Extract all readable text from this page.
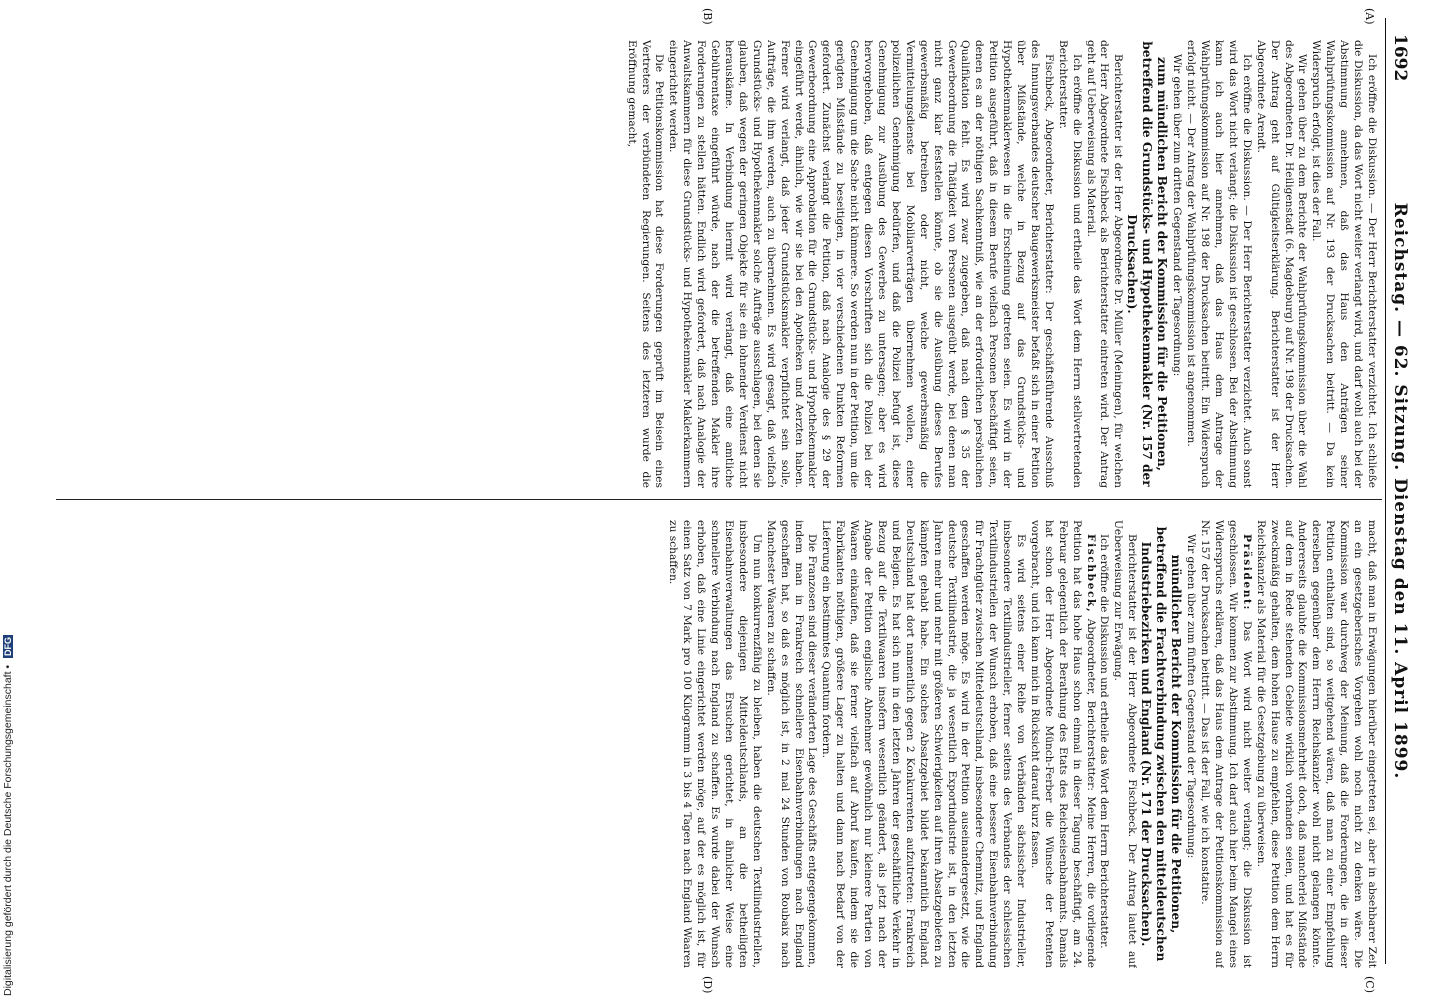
1692
Reichstag. — 62. Sitzung. Dienstag den 11. April 1899.
(A)
(B)
(C)
(D)

Ich eröffne die Diskussion. — Der Herr Berichterstatter verzichtet. Ich schließe die Diskussion, da das Wort nicht weiter verlangt wird, und darf wohl auch bei der Abstimmung annehmen, daß das Haus den Anträgen seiner Wahlprüfungskommission auf Nr. 193 der Drucksachen beitritt. — Da kein Widerspruch erfolgt, ist dies der Fall.

Wir gehen über zu dem Berichte der Wahlprüfungskommission über die Wahl des Abgeordneten Dr. Heiligenstadt (6. Magdeburg) auf Nr. 198 der Drucksachen. Der Antrag geht auf Gültigkeitserklärung. Berichterstatter ist der Herr Abgeordnete Arendt.

Ich eröffne die Diskussion. — Der Herr Berichterstatter verzichtet. Auch sonst wird das Wort nicht verlangt; die Diskussion ist geschlossen. Bei der Abstimmung kann ich auch hier annehmen, daß das Haus dem Antrage der Wahlprüfungskommission auf Nr. 198 der Drucksachen beitritt. Ein Widerspruch erfolgt nicht. — Der Antrag der Wahlprüfungskommission ist angenommen.

Wir gehen über zum dritten Gegenstand der Tagesordnung:

zum mündlichen Bericht der Kommission für die Petitionen, betreffend die Grundstücks- und Hypothekenmakler (Nr. 157 der Drucksachen).

Berichterstatter ist der Herr Abgeordnete Dr. Müller (Meiningen), für welchen der Herr Abgeordnete Fischbeck als Berichterstatter eintreten wird. Der Antrag geht auf Ueberweisung als Material.

Ich eröffne die Diskussion und ertheile das Wort dem Herrn stellvertretenden Berichterstatter.

Fischbeck, Abgeordneter, Berichterstatter: Der geschäftsführende Ausschuß des Innungsverbandes deutscher Baugewerksmeister befaßt sich in einer Petition über Mißstände, welche in Bezug auf das Grundstücks- und Hypothekenmaklerwesen in die Erscheinung getreten seien. Es wird in der Petition ausgeführt, daß in diesem Berufe vielfach Personen beschäftigt seien, denen es an der nöthigen Sachkenntniß, wie an der erforderlichen persönlichen Qualifikation fehlt. Es wird zwar zugegeben, daß nach dem § 35 der Gewerbeordnung die Thätigkeit von Personen ausgeübt werde, bei denen man nicht ganz klar feststellen könnte, ob sie die Ausübung dieses Berufes gewerbsmäßig betreiben oder nicht, welche gewerbsmäßig die Vermittelungsdienste bei Mobiliarverträgen übernehmen wollen, einer polizeilichen Genehmigung bedürfen, und daß die Polizei befugt ist, diese Genehmigung zur Ausübung des Gewerbes zu untersagen; aber es wird hervorgehoben, daß entgegen diesen Vorschriften sich die Polizei bei der Genehmigung um die Sache nicht kümmere. So werden nun in der Petition, um die gerügten Mißstände zu beseitigen, in vier verschiedenen Punkten Reformen gefordert. Zunächst verlangt die Petition, daß nach Analogie des § 29 der Gewerbeordnung eine Approbation für die Grundstücks- und Hypothekenmakler eingeführt werde, ähnlich, wie wir sie bei den Apotheken und Aerzten haben. Ferner wird verlangt, daß jeder Grundstücksmakler verpflichtet sein solle, Aufträge, die ihm werden, auch zu übernehmen. Es wird gesagt, daß vielfach Grundstücks- und Hypothekenmakler solche Aufträge ausschlagen, bei denen sie glauben, daß wegen der geringen Objekte für sie ein lohnender Verdienst nicht herauskäme. In Verbindung hiermit wird verlangt, daß eine amtliche Gebührentaxe eingeführt würde, nach der die betreffenden Makler ihre Forderungen zu stellen hätten. Endlich wird gefordert, daß nach Analogie der Anwaltskammern für diese Grundstücks- und Hypothekenmakler Maklerkammern eingerichtet werden.

Die Petitionskommission hat diese Forderungen geprüft im Beisein eines Vertreters der verbündeten Regierungen. Seitens des letzteren wurde die Eröffnung gemacht,

macht, daß man in Erwägungen hierüber eingetreten sei, aber in absehbarer Zeit an ein gesetzgeberisches Vorgehen wohl noch nicht zu denken wäre. Die Kommission war durchweg der Meinung, daß die Forderungen, die in dieser Petition enthalten sind, so weitgehend wären, daß man zu einer Empfehlung derselben gegenüber dem Herrn Reichskanzler wohl nicht gelangen könnte. Andererseits glaubte die Kommissionsmehrheit doch, daß mancherlei Mißstände auf dem in Rede stehenden Gebiete wirklich vorhanden seien, und hat es für zweckmäßig gehalten, dem hohen Hause zu empfehlen, diese Petition dem Herrn Reichskanzler als Material für die Gesetzgebung zu überweisen.

Präsident: Das Wort wird nicht weiter verlangt; die Diskussion ist geschlossen. Wir kommen zur Abstimmung. Ich darf auch hier beim Mangel eines Widerspruchs erklären, daß das Haus dem Antrage der Petitionskommission auf Nr. 157 der Drucksachen beitritt. — Das ist der Fall, wie ich konstatire.

Wir gehen über zum fünften Gegenstand der Tagesordnung:

mündlicher Bericht der Kommission für die Petitionen, betreffend die Frachtverbindung zwischen den mitteldeutschen Industriebezirken und England (Nr. 171 der Drucksachen).

Berichterstatter ist der Herr Abgeordnete Fischbeck. Der Antrag lautet auf Ueberweisung zur Erwägung.

Ich eröffne die Diskussion und ertheile das Wort dem Herrn Berichterstatter.

Fischbeck, Abgeordneter, Berichterstatter: Meine Herren, die vorliegende Petition hat das hohe Haus schon einmal in dieser Tagung beschäftigt, am 24. Februar gelegentlich der Berathung des Etats des Reichseisenbahnamts. Damals hat schon der Herr Abgeordnete Münch-Ferber die Wünsche der Petenten vorgebracht, und ich kann mich in Rücksicht darauf kurz fassen.

Es wird seitens einer Reihe von Verbänden sächsischer Industrieller, insbesondere Textilindustrieller, ferner seitens des Verbandes der schlesischen Textilindustriellen der Wunsch erhoben, daß eine bessere Eisenbahnverbindung für Frachtgüter zwischen Mitteldeutschland, insbesondere Chemnitz, und England geschaffen werden möge. Es wird in der Petition auseinandergesetzt, wie die deutsche Textilindustrie, die ja wesentlich Exportindustrie ist, in den letzten Jahren mehr und mehr mit größeren Schwierigkeiten auf ihren Absatzgebieten zu kämpfen gehabt habe. Ein solches Absatzgebiet bildet bekanntlich England. Deutschland hat dort namentlich gegen 2 Konkurrenten aufzutreten: Frankreich und Belgien. Es hat sich nun in den letzten Jahren der geschäftliche Verkehr in Bezug auf die Textilwaaren insofern wesentlich geändert, als jetzt nach der Angabe der Petition englische Abnehmer gewöhnlich nur kleinere Partien von Waaren einkaufen, daß sie ferner vielfach auf Abruf kaufen, indem sie die Fabrikanten nöthigen, größere Lager zu halten und dann nach Bedarf von der Lieferung ein bestimmtes Quantum fordern.

Die Franzosen sind dieser veränderten Lage des Geschäfts entgegengekommen, indem man in Frankreich schnellere Eisenbahnverbindungen nach England geschaffen hat, so daß es möglich ist, in 2 mal 24 Stunden von Roubaix nach Manchester Waaren zu schaffen.

Um nun konkurrenzfähig zu bleiben, haben die deutschen Textilindustriellen, insbesondere diejenigen Mitteldeutschlands, an die betheiligten Eisenbahnverwaltungen das Ersuchen gerichtet, in ähnlicher Weise eine schnellere Verbindung nach England zu schaffen. Es wurde dabei der Wunsch erhoben, daß eine Linie eingerichtet werden möge, auf der es möglich ist, für einen Satz von 7 Mark pro 100 Kilogramm in 3 bis 4 Tagen nach England Waaren zu schaffen.

Digitalisierung gefördert durch die Deutsche Forschungsgemeinschaft • DFG
